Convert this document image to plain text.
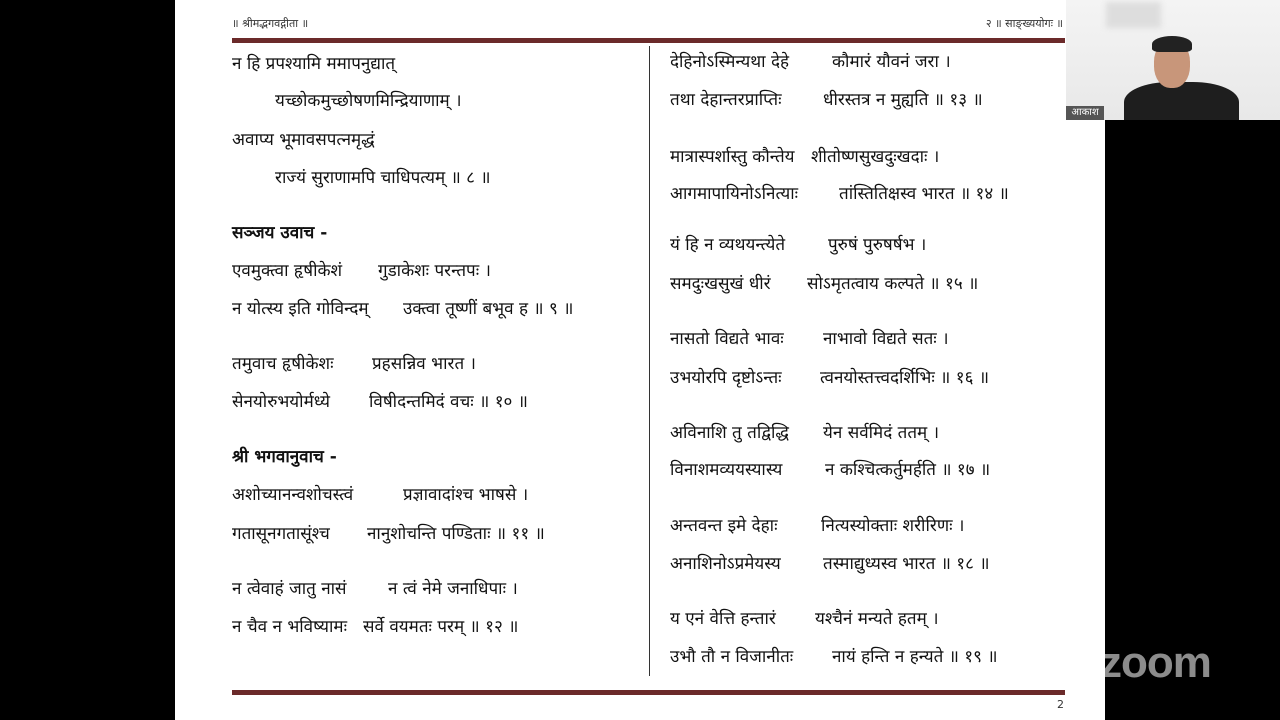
॥ श्रीमद्भगवद्गीता ॥	२ ॥ साङ्ख्ययोगः ॥
न हि प्रपश्यामि ममापनुद्यात्
यच्छोकमुच्छोषणमिन्द्रियाणाम् ।
अवाप्य भूमावसपत्नमृद्धं
राज्यं सुराणामपि चाधिपत्यम् ॥ ८ ॥
सञ्जय उवाच -
एवमुक्त्वा हृषीकेशं गुडाकेशः परन्तपः ।
न योत्स्य इति गोविन्दम् उक्त्वा तूष्णीं बभूव ह ॥ ९ ॥
तमुवाच हृषीकेशः प्रहसन्निव भारत ।
सेनयोरुभयोर्मध्ये विषीदन्तमिदं वचः ॥ १० ॥
श्री भगवानुवाच -
अशोच्यानन्वशोचस्त्वं	प्रज्ञावादांश्च भाषसे ।
गतासूनगतासूंश्च नानुशोचन्ति पण्डिताः ॥ ११ ॥
न त्वेवाहं जातु नासं न त्वं नेमे जनाधिपाः ।
न चैव न भविष्यामः सर्वे वयमतः परम् ॥ १२ ॥
देहिनोऽस्मिन्यथा देहे	कौमारं यौवनं जरा ।
तथा देहान्तरप्राप्तिः धीरस्तत्र न मुह्यति ॥ १३ ॥
मात्रास्पर्शास्तु कौन्तेय शीतोष्णसुखदुःखदाः ।
आगमापायिनोऽनित्याः तांस्तितिक्षस्व भारत ॥ १४ ॥
यं हि न व्यथयन्त्येते	पुरुषं पुरुषर्षभ ।
समदुःखसुखं धीरं सोऽमृतत्वाय कल्पते ॥ १५ ॥
नासतो विद्यते भावः नाभावो विद्यते सतः ।
उभयोरपि दृष्टोऽन्तः त्वनयोस्तत्त्वदर्शिभिः ॥ १६ ॥
अविनाशि तु तद्विद्धि येन सर्वमिदं ततम् ।
विनाशमव्ययस्यास्य	न कश्चित्कर्तुमर्हति ॥ १७ ॥
अन्तवन्त इमे देहाः	नित्यस्योक्ताः शरीरिणः ।
अनाशिनोऽप्रमेयस्य तस्माद्युध्यस्व भारत ॥ १८ ॥
य एनं वेत्ति हन्तारं यश्चैनं मन्यते हतम् ।
उभौ तौ न विजानीतः नायं हन्ति न हन्यते ॥ १९ ॥
2
आकाश
zoom
